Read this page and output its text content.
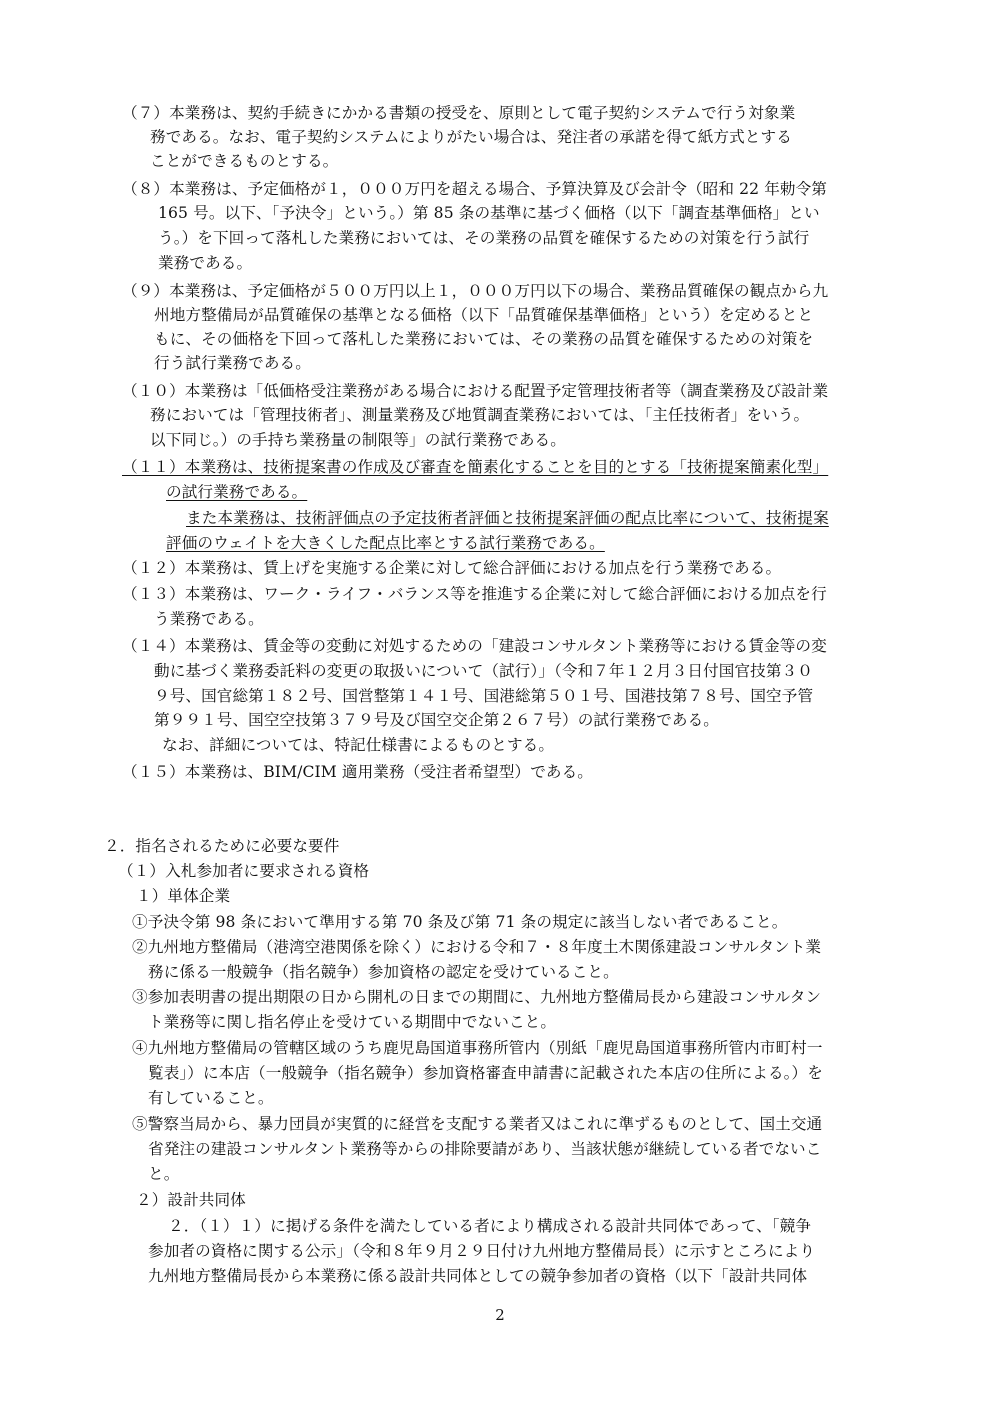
（７）本業務は、契約手続きにかかる書類の授受を、原則として電子契約システムで行う対象業
務である。なお、電子契約システムによりがたい場合は、発注者の承諾を得て紙方式とする
ことができるものとする。
（８）本業務は、予定価格が１，０００万円を超える場合、予算決算及び会計令（昭和 22 年勅令第
165 号。以下、「予決令」という。）第 85 条の基準に基づく価格（以下「調査基準価格」とい
う。）を下回って落札した業務においては、その業務の品質を確保するための対策を行う試行
業務である。
（９）本業務は、予定価格が５００万円以上１，０００万円以下の場合、業務品質確保の観点から九
州地方整備局が品質確保の基準となる価格（以下「品質確保基準価格」という）を定めるとと
もに、その価格を下回って落札した業務においては、その業務の品質を確保するための対策を
行う試行業務である。
（１０）本業務は「低価格受注業務がある場合における配置予定管理技術者等（調査業務及び設計業
務においては「管理技術者」、測量業務及び地質調査業務においては、「主任技術者」をいう。
以下同じ。）の手持ち業務量の制限等」の試行業務である。
（１１）本業務は、技術提案書の作成及び審査を簡素化することを目的とする「技術提案簡素化型」
の試行業務である。
また本業務は、技術評価点の予定技術者評価と技術提案評価の配点比率について、技術提案
評価のウェイトを大きくした配点比率とする試行業務である。
（１２）本業務は、賃上げを実施する企業に対して総合評価における加点を行う業務である。
（１３）本業務は、ワーク・ライフ・バランス等を推進する企業に対して総合評価における加点を行
う業務である。
（１４）本業務は、賃金等の変動に対処するための「建設コンサルタント業務等における賃金等の変
動に基づく業務委託料の変更の取扱いについて（試行）」（令和７年１２月３日付国官技第３０
９号、国官総第１８２号、国営整第１４１号、国港総第５０１号、国港技第７８号、国空予管
第９９１号、国空空技第３７９号及び国空交企第２６７号）の試行業務である。
なお、詳細については、特記仕様書によるものとする。
（１５）本業務は、BIM/CIM 適用業務（受注者希望型）である。
２．指名されるために必要な要件
（１）入札参加者に要求される資格
１）単体企業
①予決令第 98 条において準用する第 70 条及び第 71 条の規定に該当しない者であること。
②九州地方整備局（港湾空港関係を除く）における令和７・８年度土木関係建設コンサルタント業
務に係る一般競争（指名競争）参加資格の認定を受けていること。
③参加表明書の提出期限の日から開札の日までの期間に、九州地方整備局長から建設コンサルタン
ト業務等に関し指名停止を受けている期間中でないこと。
④九州地方整備局の管轄区域のうち鹿児島国道事務所管内（別紙「鹿児島国道事務所管内市町村一
覧表」）に本店（一般競争（指名競争）参加資格審査申請書に記載された本店の住所による。）を
有していること。
⑤警察当局から、暴力団員が実質的に経営を支配する業者又はこれに準ずるものとして、国土交通
省発注の建設コンサルタント業務等からの排除要請があり、当該状態が継続している者でないこ
と。
２）設計共同体
２．（１）１）に掲げる条件を満たしている者により構成される設計共同体であって、「競争
参加者の資格に関する公示」（令和８年９月２９日付け九州地方整備局長）に示すところにより
九州地方整備局長から本業務に係る設計共同体としての競争参加者の資格（以下「設計共同体
2
